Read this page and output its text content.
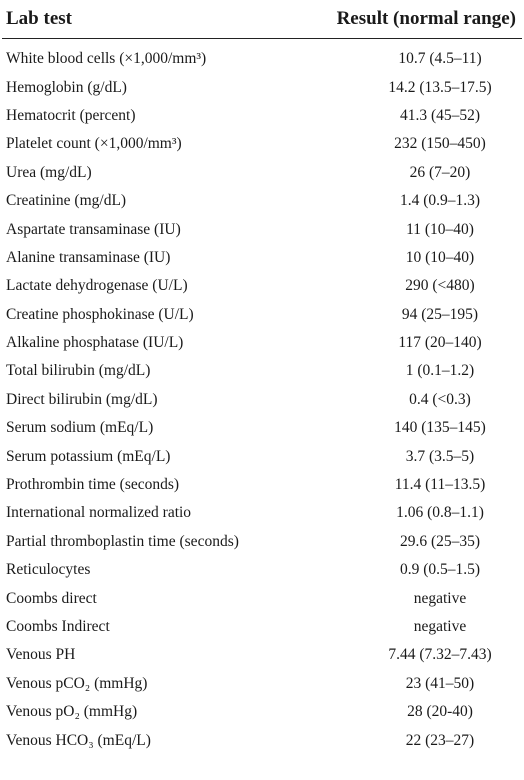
Lab test	Result (normal range)
White blood cells (×1,000/mm³)	10.7 (4.5–11)
Hemoglobin (g/dL)	14.2 (13.5–17.5)
Hematocrit (percent)	41.3 (45–52)
Platelet count (×1,000/mm³)	232 (150–450)
Urea (mg/dL)	26 (7–20)
Creatinine (mg/dL)	1.4 (0.9–1.3)
Aspartate transaminase (IU)	11 (10–40)
Alanine transaminase (IU)	10 (10–40)
Lactate dehydrogenase (U/L)	290 (<480)
Creatine phosphokinase (U/L)	94 (25–195)
Alkaline phosphatase (IU/L)	117 (20–140)
Total bilirubin (mg/dL)	1 (0.1–1.2)
Direct bilirubin (mg/dL)	0.4 (<0.3)
Serum sodium (mEq/L)	140 (135–145)
Serum potassium (mEq/L)	3.7 (3.5–5)
Prothrombin time (seconds)	11.4 (11–13.5)
International normalized ratio	1.06 (0.8–1.1)
Partial thromboplastin time (seconds)	29.6 (25–35)
Reticulocytes	0.9 (0.5–1.5)
Coombs direct	negative
Coombs Indirect	negative
Venous PH	7.44 (7.32–7.43)
Venous pCO₂ (mmHg)	23 (41–50)
Venous pO₂ (mmHg)	28 (20-40)
Venous HCO₃ (mEq/L)	22 (23–27)
